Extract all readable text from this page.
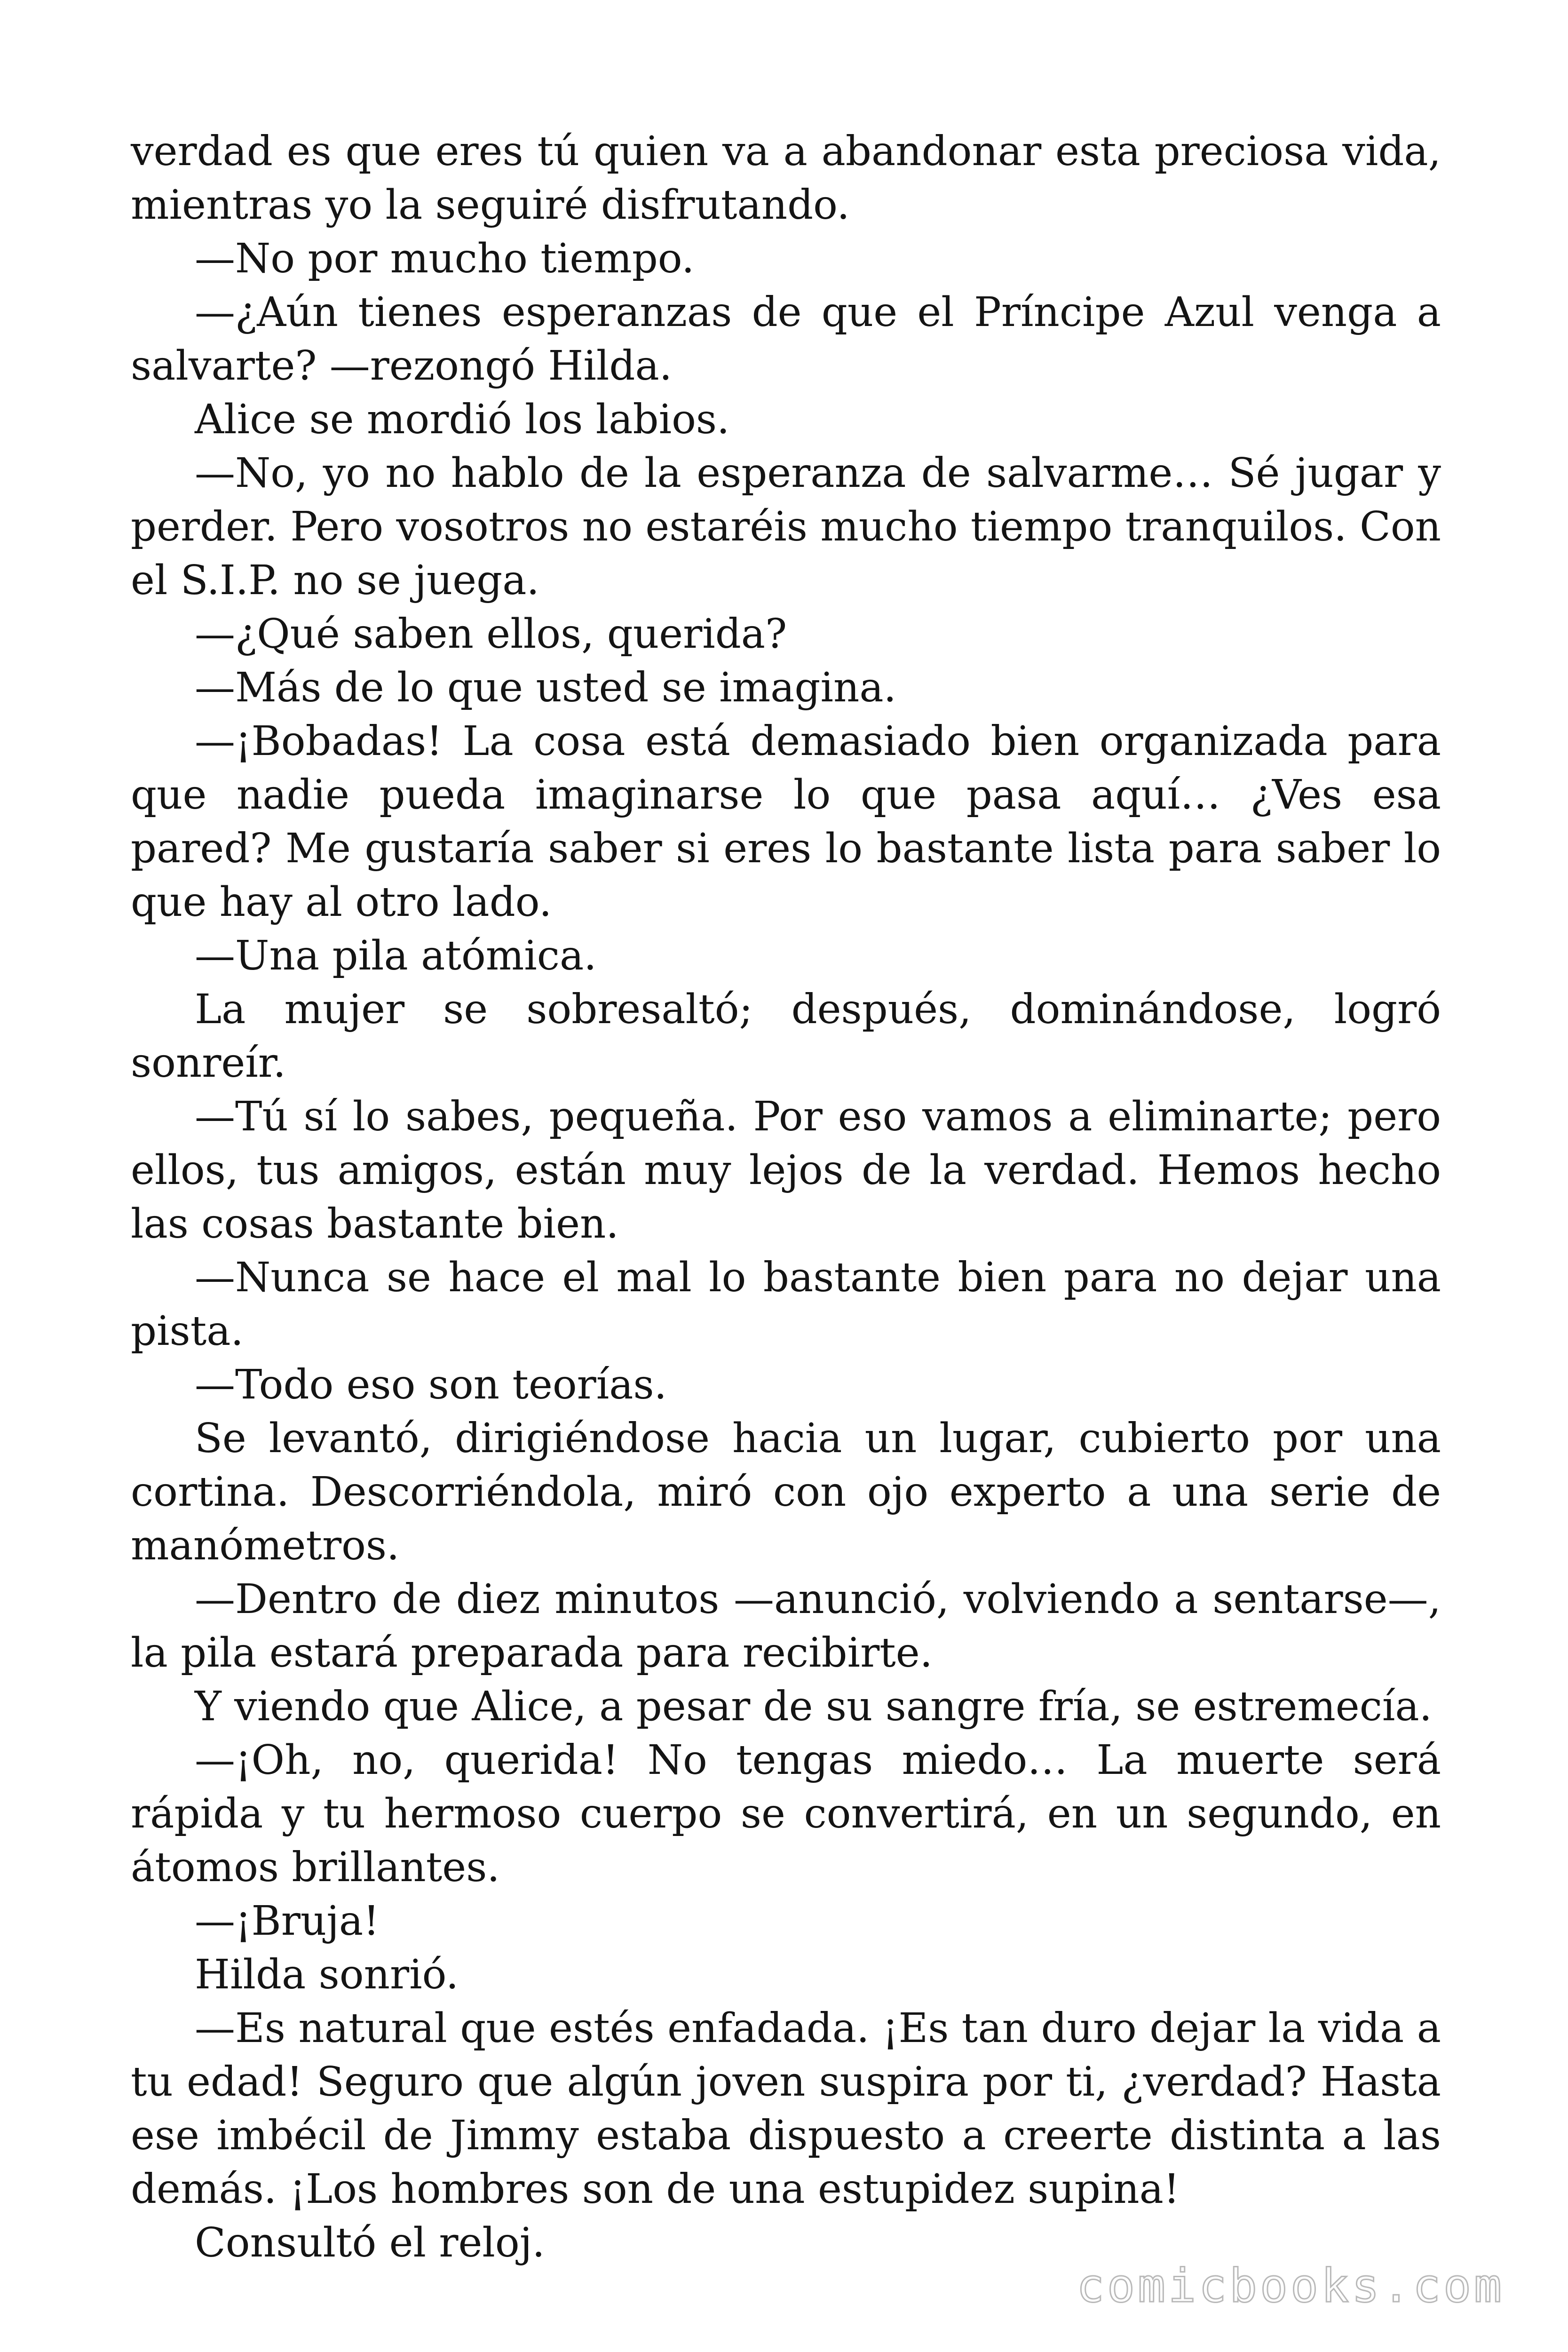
verdad es que eres tú quien va a abandonar esta preciosa vida, mientras yo la seguiré disfrutando.

—No por mucho tiempo.

—¿Aún tienes esperanzas de que el Príncipe Azul venga a salvarte? —rezongó Hilda.

Alice se mordió los labios.

—No, yo no hablo de la esperanza de salvarme… Sé jugar y perder. Pero vosotros no estaréis mucho tiempo tranquilos. Con el S.I.P. no se juega.

—¿Qué saben ellos, querida?

—Más de lo que usted se imagina.

—¡Bobadas! La cosa está demasiado bien organizada para que nadie pueda imaginarse lo que pasa aquí… ¿Ves esa pared? Me gustaría saber si eres lo bastante lista para saber lo que hay al otro lado.

—Una pila atómica.

La mujer se sobresaltó; después, dominándose, logró sonreír.

—Tú sí lo sabes, pequeña. Por eso vamos a eliminarte; pero ellos, tus amigos, están muy lejos de la verdad. Hemos hecho las cosas bastante bien.

—Nunca se hace el mal lo bastante bien para no dejar una pista.

—Todo eso son teorías.

Se levantó, dirigiéndose hacia un lugar, cubierto por una cortina. Descorriéndola, miró con ojo experto a una serie de manómetros.

—Dentro de diez minutos —anunció, volviendo a sentarse—, la pila estará preparada para recibirte.

Y viendo que Alice, a pesar de su sangre fría, se estremecía.

—¡Oh, no, querida! No tengas miedo… La muerte será rápida y tu hermoso cuerpo se convertirá, en un segundo, en átomos brillantes.

—¡Bruja!

Hilda sonrió.

—Es natural que estés enfadada. ¡Es tan duro dejar la vida a tu edad! Seguro que algún joven suspira por ti, ¿verdad? Hasta ese imbécil de Jimmy estaba dispuesto a creerte distinta a las demás. ¡Los hombres son de una estupidez supina!

Consultó el reloj.

comicbooks.com
